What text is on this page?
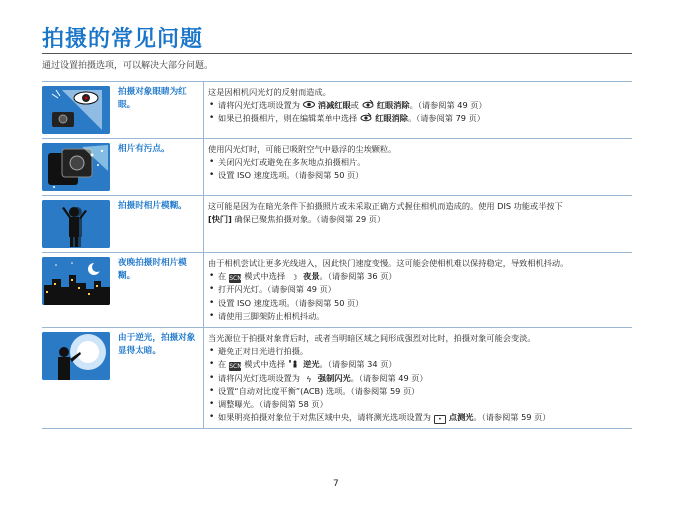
拍摄的常见问题
通过设置拍摄选项，可以解决大部分问题。
拍摄对象眼睛为红眼。

这是因相机闪光灯的反射而造成。

• 请将闪光灯选项设置为 消减红眼或 红眼消除。（请参阅第 49 页）
• 如果已拍摄相片，则在编辑菜单中选择 红眼消除。（请参阅第 79 页）
相片有污点。	使用闪光灯时，可能已吸附空气中悬浮的尘埃颗粒。

• 关闭闪光灯或避免在多灰地点拍摄相片。
• 设置 ISO 速度选项。（请参阅第 50 页）
拍摄时相片模糊。	这可能是因为在暗光条件下拍摄照片或未采取正确方式握住相机而造成的。使用 DIS 功能或半按下
[快门] 确保已聚焦拍摄对象。（请参阅第 29 页）

夜晚拍摄时相片模糊。

由于相机尝试让更多光线进入，因此快门速度变慢。这可能会使相机难以保持稳定，导致相机抖动。

• 在 SCN 模式中选择 ☽ 夜景。（请参阅第 36 页）
• 打开闪光灯。（请参阅第 49 页）
• 设置 ISO 速度选项。（请参阅第 50 页）
• 请使用三脚架防止相机抖动。
由于逆光，拍摄对象显得太暗。

当光源位于拍摄对象背后时，或者当明暗区域之间形成强烈对比时，拍摄对象可能会变淡。

• 避免正对日光进行拍摄。
• 在 SCN 模式中选择 逆光。（请参阅第 34 页）
• 请将闪光灯选项设置为 ϟ 强制闪光。（请参阅第 49 页）
• 设置“自动对比度平衡”(ACB) 选项。（请参阅第 59 页）
• 调整曝光。（请参阅第 58 页）
• 如果明亮拍摄对象位于对焦区域中央，请将测光选项设置为 • 点测光。（请参阅第 59 页）
7
